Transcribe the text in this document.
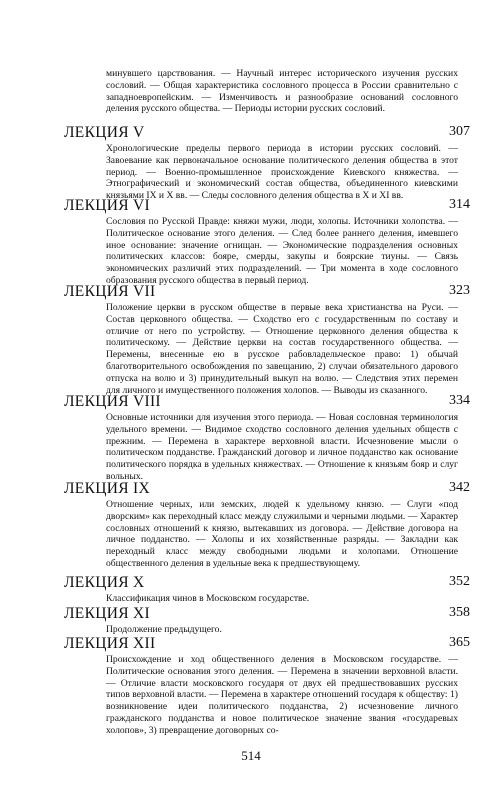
минувшего царствования. — Научный интерес исторического изучения русских сословий. — Общая характеристика сословного процесса в России сравнительно с западноевропейским. — Изменчивость и разнообразие оснований сословного деления русского общества. — Периоды истории русских сословий.

ЛЕКЦИЯ V	307

Хронологические пределы первого периода в истории русских сословий. — Завоевание как первоначальное основание политического деления общества в этот период. — Военно-промышленное происхождение Киевского княжества. — Этнографический и экономический состав общества, объединенного киевскими князьями IX и X вв. — Следы сословного деления общества в X и XI вв.

ЛЕКЦИЯ VI	314

Сословия по Русской Правде: княжи мужи, люди, холопы. Источники холопства. — Политическое основание этого деления. — След более раннего деления, имевшего иное основание: значение огнищан. — Экономические подразделения основных политических классов: бояре, смерды, закупы и боярские тиуны. — Связь экономических различий этих подразделений. — Три момента в ходе сословного образования русского общества в первый период.

ЛЕКЦИЯ VII	323

Положение церкви в русском обществе в первые века христианства на Руси. — Состав церковного общества. — Сходство его с государственным по составу и отличие от него по устройству. — Отношение церковного деления общества к политическому. — Действие церкви на состав государственного общества. — Перемены, внесенные ею в русское рабовладельческое право: 1) обычай благотворительного освобождения по завещанию, 2) случаи обязательного дарового отпуска на волю и 3) принудительный выкуп на волю. — Следствия этих перемен для личного и имущественного положения холопов. — Выводы из сказанного.

ЛЕКЦИЯ VIII	334

Основные источники для изучения этого периода. — Новая сословная терминология удельного времени. — Видимое сходство сословного деления удельных обществ с прежним. — Перемена в характере верховной власти. Исчезновение мысли о политическом подданстве. Гражданский договор и личное подданство как основание политического порядка в удельных княжествах. — Отношение к князьям бояр и слуг вольных.

ЛЕКЦИЯ IX	342

Отношение черных, или земских, людей к удельному князю. — Слуги «под дворским» как переходный класс между служилыми и черными людьми. — Характер сословных отношений к князю, вытекавших из договора. — Действие договора на личное подданство. — Холопы и их хозяйственные разряды. — Закладни как переходный класс между свободными людьми и холопами. Отношение общественного деления в удельные века к предшествующему.

ЛЕКЦИЯ X	352

Классификация чинов в Московском государстве.

ЛЕКЦИЯ XI	358

Продолжение предыдущего.

ЛЕКЦИЯ XII	365

Происхождение и ход общественного деления в Московском государстве. — Политические основания этого деления. — Перемена в значении верховной власти. — Отличие власти московского государя от двух ей предшествовавших русских типов верховной власти. — Перемена в характере отношений государя к обществу: 1) возникновение идеи политического подданства, 2) исчезновение личного гражданского подданства и новое политическое значение звания «государевых холопов», 3) превращение договорных со-

514
